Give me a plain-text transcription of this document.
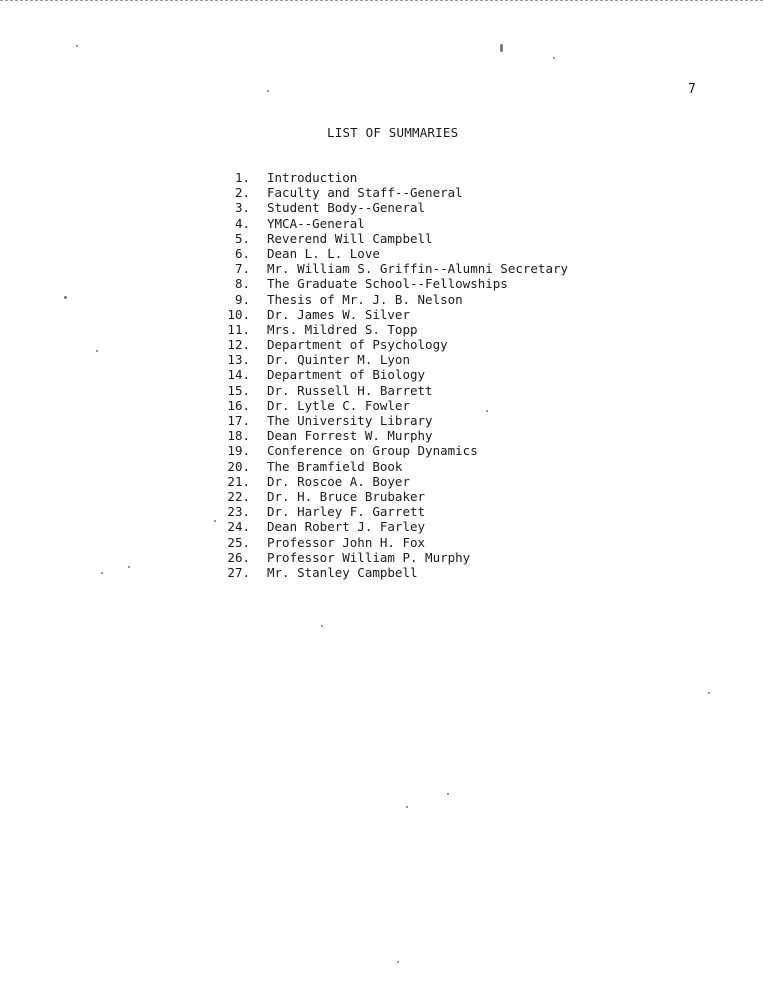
7
LIST OF SUMMARIES
1. Introduction
2. Faculty and Staff--General
3. Student Body--General
4. YMCA--General
5. Reverend Will Campbell
6. Dean L. L. Love
7. Mr. William S. Griffin--Alumni Secretary
8. The Graduate School--Fellowships
9. Thesis of Mr. J. B. Nelson
10. Dr. James W. Silver
11. Mrs. Mildred S. Topp
12. Department of Psychology
13. Dr. Quinter M. Lyon
14. Department of Biology
15. Dr. Russell H. Barrett
16. Dr. Lytle C. Fowler
17. The University Library
18. Dean Forrest W. Murphy
19. Conference on Group Dynamics
20. The Bramfield Book
21. Dr. Roscoe A. Boyer
22. Dr. H. Bruce Brubaker
23. Dr. Harley F. Garrett
24. Dean Robert J. Farley
25. Professor John H. Fox
26. Professor William P. Murphy
27. Mr. Stanley Campbell
